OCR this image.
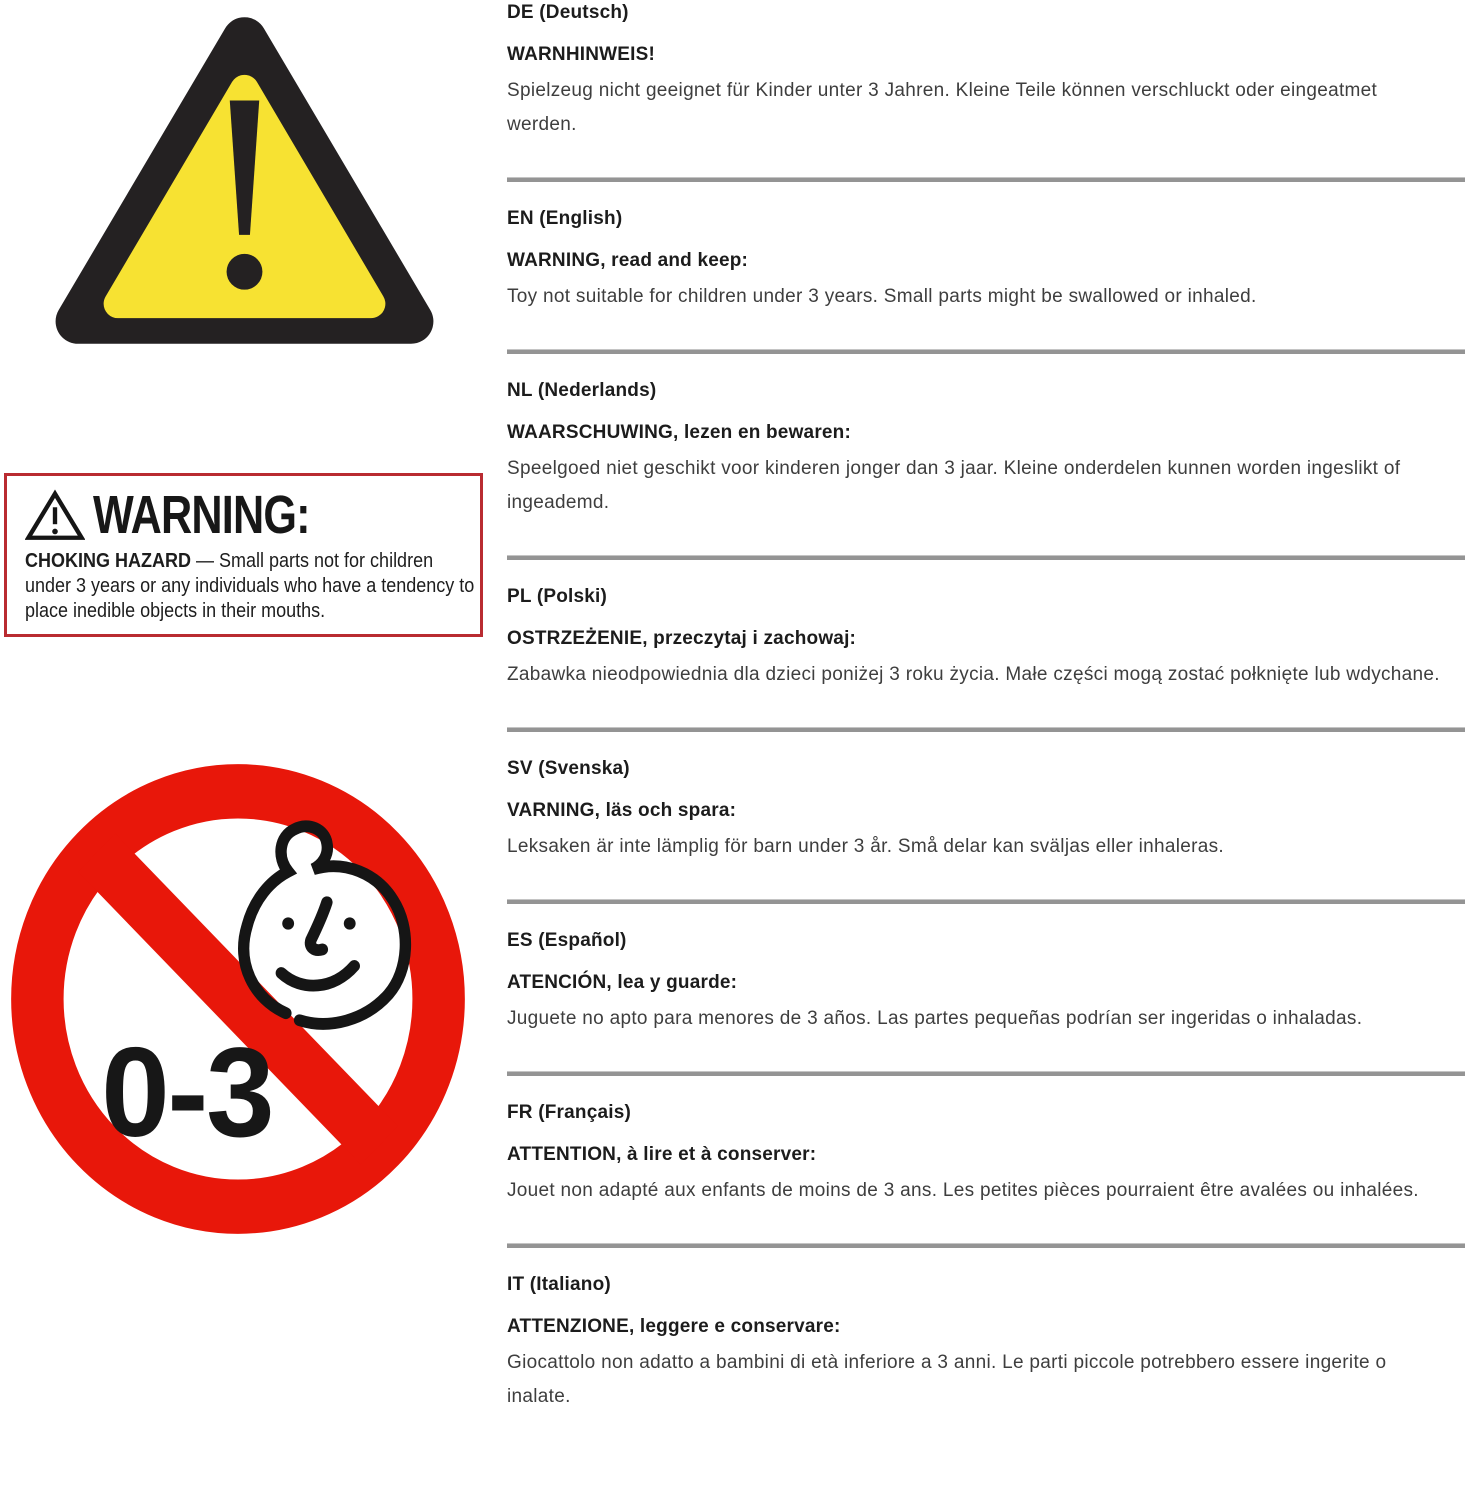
WARNING:

CHOKING HAZARD — Small parts not for children under 3 years or any individuals who have a tendency to place inedible objects in their mouths.

0-3
DE (Deutsch)
WARNHINWEIS!

Spielzeug nicht geeignet für Kinder unter 3 Jahren. Kleine Teile können verschluckt oder eingeatmet werden.

EN (English)
WARNING, read and keep:

Toy not suitable for children under 3 years. Small parts might be swallowed or inhaled.

NL (Nederlands)
WAARSCHUWING, lezen en bewaren:

Speelgoed niet geschikt voor kinderen jonger dan 3 jaar. Kleine onderdelen kunnen worden ingeslikt of ingeademd.

PL (Polski)
OSTRZEŻENIE, przeczytaj i zachowaj:

Zabawka nieodpowiednia dla dzieci poniżej 3 roku życia. Małe części mogą zostać połknięte lub wdychane.

SV (Svenska)
VARNING, läs och spara:

Leksaken är inte lämplig för barn under 3 år. Små delar kan sväljas eller inhaleras.

ES (Español)
ATENCIÓN, lea y guarde:

Juguete no apto para menores de 3 años. Las partes pequeñas podrían ser ingeridas o inhaladas.

FR (Français)
ATTENTION, à lire et à conserver:

Jouet non adapté aux enfants de moins de 3 ans. Les petites pièces pourraient être avalées ou inhalées.

IT (Italiano)
ATTENZIONE, leggere e conservare:

Giocattolo non adatto a bambini di età inferiore a 3 anni. Le parti piccole potrebbero essere ingerite o inalate.
